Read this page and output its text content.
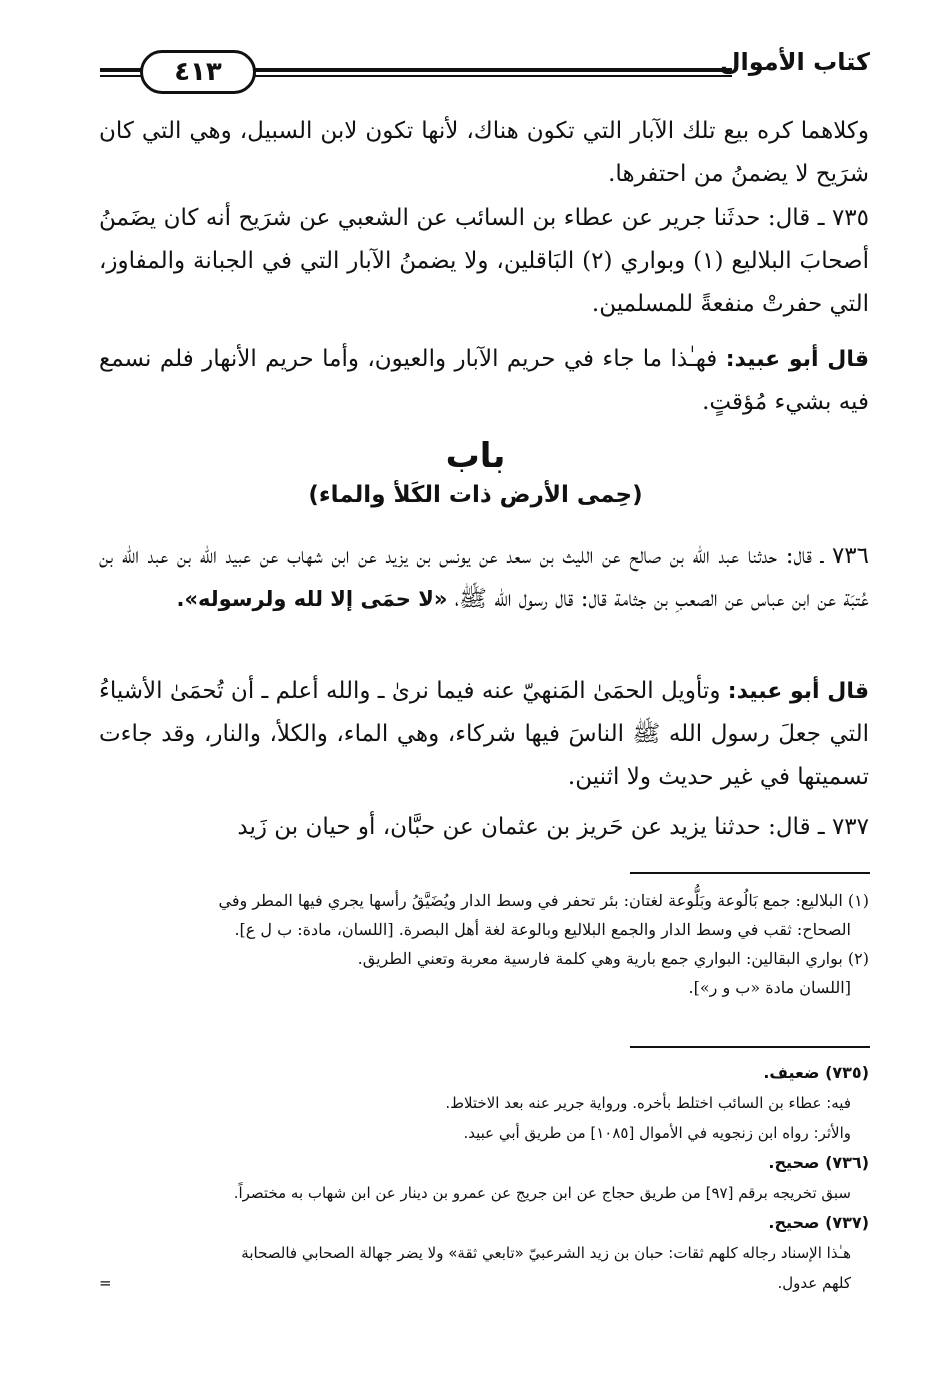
كتاب الأموال
٤١٣
وكلاهما كره بيع تلك الآبار التي تكون هناك، لأنها تكون لابن السبيل، وهي التي كان شرَيح لا يضمنُ من احتفرها.
٧٣٥ ـ قال: حدثَنا جرير عن عطاء بن السائب عن الشعبي عن شرَيح أنه كان يضَمنُ أصحابَ البلاليع (١) وبواري (٢) البَاقلين، ولا يضمنُ الآبار التي في الجبانة والمفاوز، التي حفرتْ منفعةً للمسلمين.
قال أبو عبيد: فهـٰذا ما جاء في حريم الآبار والعيون، وأما حريم الأنهار فلم نسمع فيه بشيء مُؤقتٍ.
باب
(حِمى الأرض ذات الكَلأ والماء)
٧٣٦ ـ قال: حدثنا عبد الله بن صالح عن الليث بن سعد عن يونس بن يزيد عن ابن شهاب عن عبيد الله بن عبد الله بن عُتبَة عن ابن عباس عن الصعبِ بن جثامة قال: قال رسول الله ﷺ، «لا حمَى إلا لله ولرسوله».
قال أبو عبيد: وتأويل الحمَىٰ المَنهيّ عنه فيما نرىٰ ـ والله أعلم ـ أن تُحمَىٰ الأشياءُ التي جعلَ رسول الله ﷺ الناسَ فيها شركاء، وهي الماء، والكلأ، والنار، وقد جاءت تسميتها في غير حديث ولا اثنين.
٧٣٧ ـ قال: حدثنا يزيد عن حَريز بن عثمان عن حبَّان، أو حيان بن زَيد
(١) البلاليع: جمع بَالُوعة وبَلُّوعة لغتان: بئر تحفر في وسط الدار ويُضَيَّقُ رأسها يجري فيها المطر وفي
الصحاح: ثقب في وسط الدار والجمع البلاليع وبالوعة لغة أهل البصرة. [اللسان، مادة: ب ل ع].
(٢) بواري البقالين: البواري جمع بارية وهي كلمة فارسية معربة وتعني الطريق.
[اللسان مادة «ب و ر»].
(٧٣٥) ضعيف.
فيه: عطاء بن السائب اختلط بأخره. ورواية جرير عنه بعد الاختلاط.
والأثر: رواه ابن زنجويه في الأموال [١٠٨٥] من طريق أبي عبيد.
(٧٣٦) صحيح.
سبق تخريجه برقم [٩٧] من طريق حجاج عن ابن جريج عن عمرو بن دينار عن ابن شهاب به مختصراً.
(٧٣٧) صحيح.
هـٰذا الإسناد رجاله كلهم ثقات: حبان بن زيد الشرعبيّ «تابعي ثقة» ولا يضر جهالة الصحابي فالصحابة
كلهم عدول.
=
